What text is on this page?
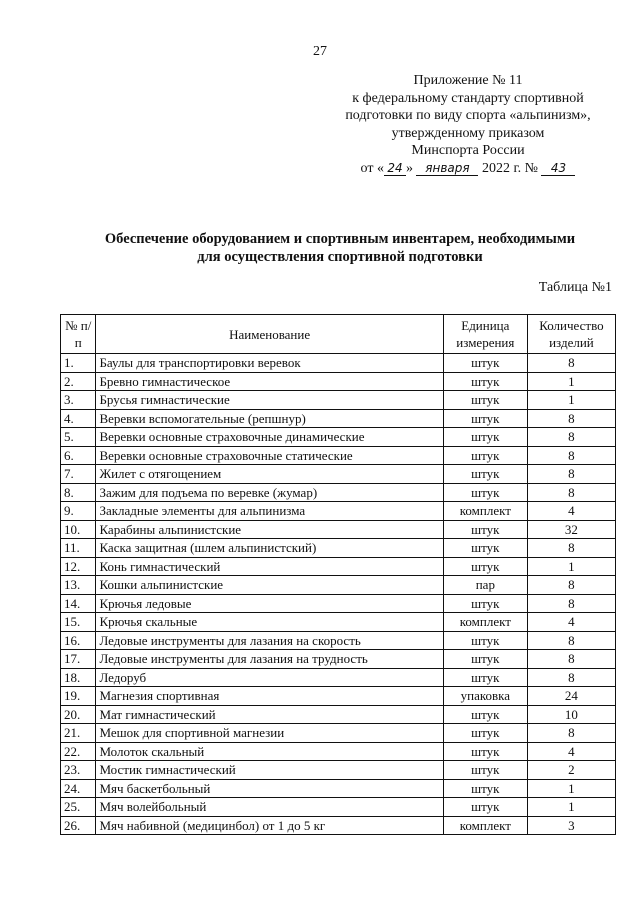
27
Приложение № 11
к федеральному стандарту спортивной
подготовки по виду спорта «альпинизм»,
утвержденному приказом
Минспорта России
от « 24 » января 2022 г. № 43
Обеспечение оборудованием и спортивным инвентарем, необходимыми
для осуществления спортивной подготовки
Таблица №1
№ п/п	Наименование	Единица измерения	Количество изделий
1.	Баулы для транспортировки веревок	штук	8
2.	Бревно гимнастическое	штук	1
3.	Брусья гимнастические	штук	1
4.	Веревки вспомогательные (репшнур)	штук	8
5.	Веревки основные страховочные динамические	штук	8
6.	Веревки основные страховочные статические	штук	8
7.	Жилет с отягощением	штук	8
8.	Зажим для подъема по веревке (жумар)	штук	8
9.	Закладные элементы для альпинизма	комплект	4
10.	Карабины альпинистские	штук	32
11.	Каска защитная (шлем альпинистский)	штук	8
12.	Конь гимнастический	штук	1
13.	Кошки альпинистские	пар	8
14.	Крючья ледовые	штук	8
15.	Крючья скальные	комплект	4
16.	Ледовые инструменты для лазания на скорость	штук	8
17.	Ледовые инструменты для лазания на трудность	штук	8
18.	Ледоруб	штук	8
19.	Магнезия спортивная	упаковка	24
20.	Мат гимнастический	штук	10
21.	Мешок для спортивной магнезии	штук	8
22.	Молоток скальный	штук	4
23.	Мостик гимнастический	штук	2
24.	Мяч баскетбольный	штук	1
25.	Мяч волейбольный	штук	1
26.	Мяч набивной (медицинбол) от 1 до 5 кг	комплект	3
